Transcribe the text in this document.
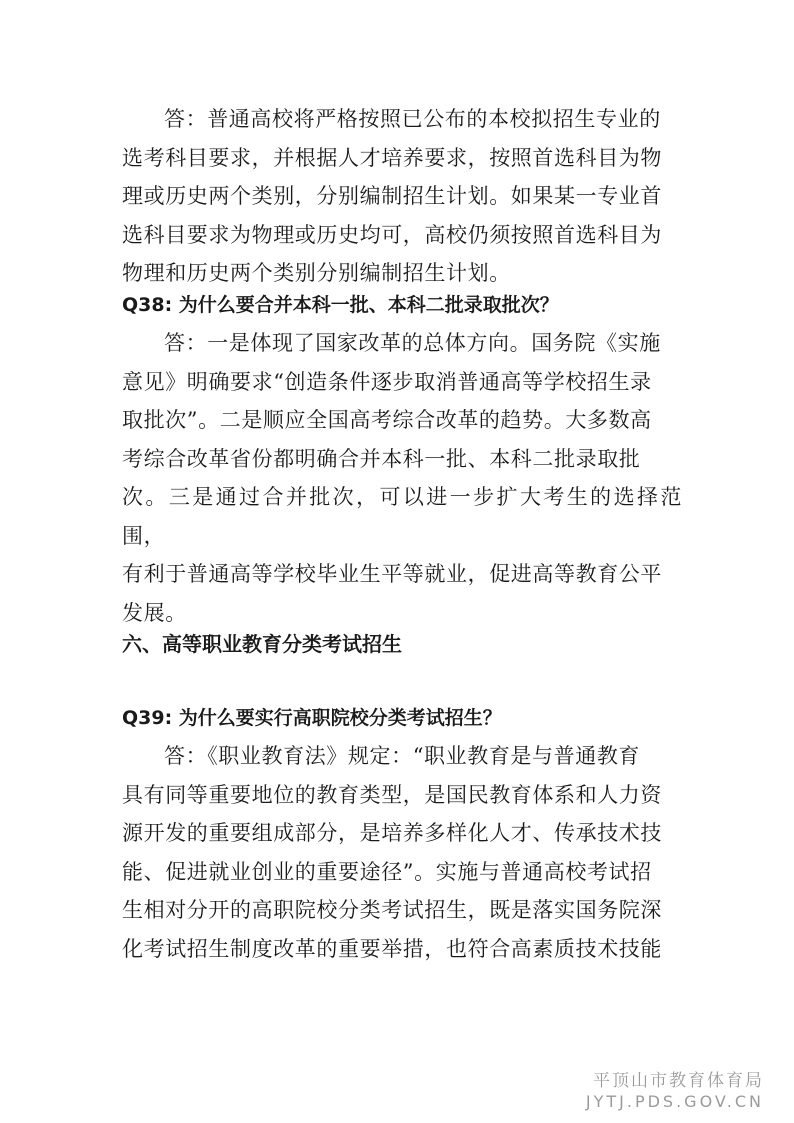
答：普通高校将严格按照已公布的本校拟招生专业的
选考科目要求，并根据人才培养要求，按照首选科目为物
理或历史两个类别，分别编制招生计划。如果某一专业首
选科目要求为物理或历史均可，高校仍须按照首选科目为
物理和历史两个类别分别编制招生计划。
Q38: 为什么要合并本科一批、本科二批录取批次？
答：一是体现了国家改革的总体方向。国务院《实施
意见》明确要求“创造条件逐步取消普通高等学校招生录
取批次”。二是顺应全国高考综合改革的趋势。大多数高
考综合改革省份都明确合并本科一批、本科二批录取批
次。三是通过合并批次，可以进一步扩大考生的选择范围，
有利于普通高等学校毕业生平等就业，促进高等教育公平
发展。
六、高等职业教育分类考试招生
Q39: 为什么要实行高职院校分类考试招生？
答：《职业教育法》规定：“职业教育是与普通教育
具有同等重要地位的教育类型，是国民教育体系和人力资
源开发的重要组成部分，是培养多样化人才、传承技术技
能、促进就业创业的重要途径”。实施与普通高校考试招
生相对分开的高职院校分类考试招生，既是落实国务院深
化考试招生制度改革的重要举措，也符合高素质技术技能
平顶山市教育体育局
JYTJ.PDS.GOV.CN
